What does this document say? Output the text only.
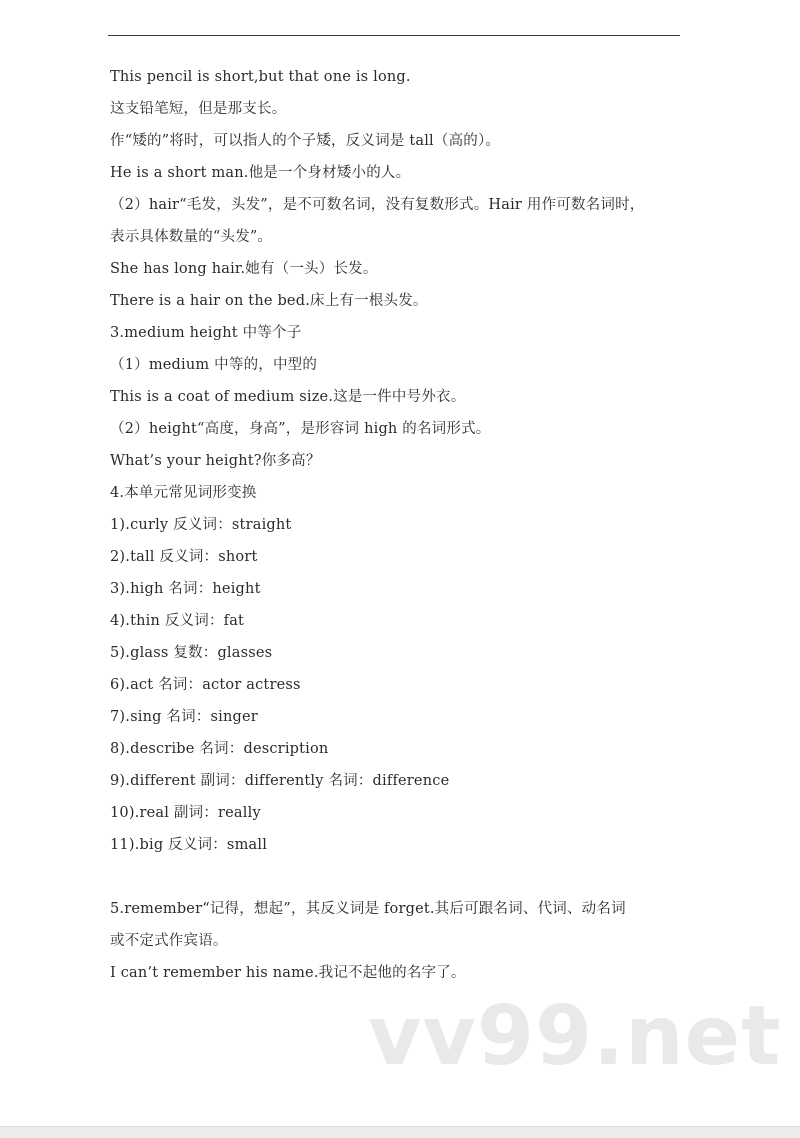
This pencil is short,but that one is long.
这支铅笔短，但是那支长。
作“矮的”将时，可以指人的个子矮，反义词是 tall（高的）。
He is a short man.他是一个身材矮小的人。
（2）hair“毛发，头发”，是不可数名词，没有复数形式。Hair 用作可数名词时，
表示具体数量的“头发”。
She has long hair.她有（一头）长发。
There is a hair on the bed.床上有一根头发。
3.medium height 中等个子
（1）medium 中等的，中型的
This is a coat of medium size.这是一件中号外衣。
（2）height“高度，身高”，是形容词 high 的名词形式。
What’s your height?你多高？
4.本单元常见词形变换
1).curly 反义词：straight
2).tall 反义词：short
3).high 名词：height
4).thin 反义词：fat
5).glass 复数：glasses
6).act 名词：actor actress
7).sing 名词：singer
8).describe 名词：description
9).different 副词：differently 名词：difference
10).real 副词：really
11).big 反义词：small
5.remember“记得，想起”，其反义词是 forget.其后可跟名词、代词、动名词
或不定式作宾语。
I can’t remember his name.我记不起他的名字了。
vv99.net
